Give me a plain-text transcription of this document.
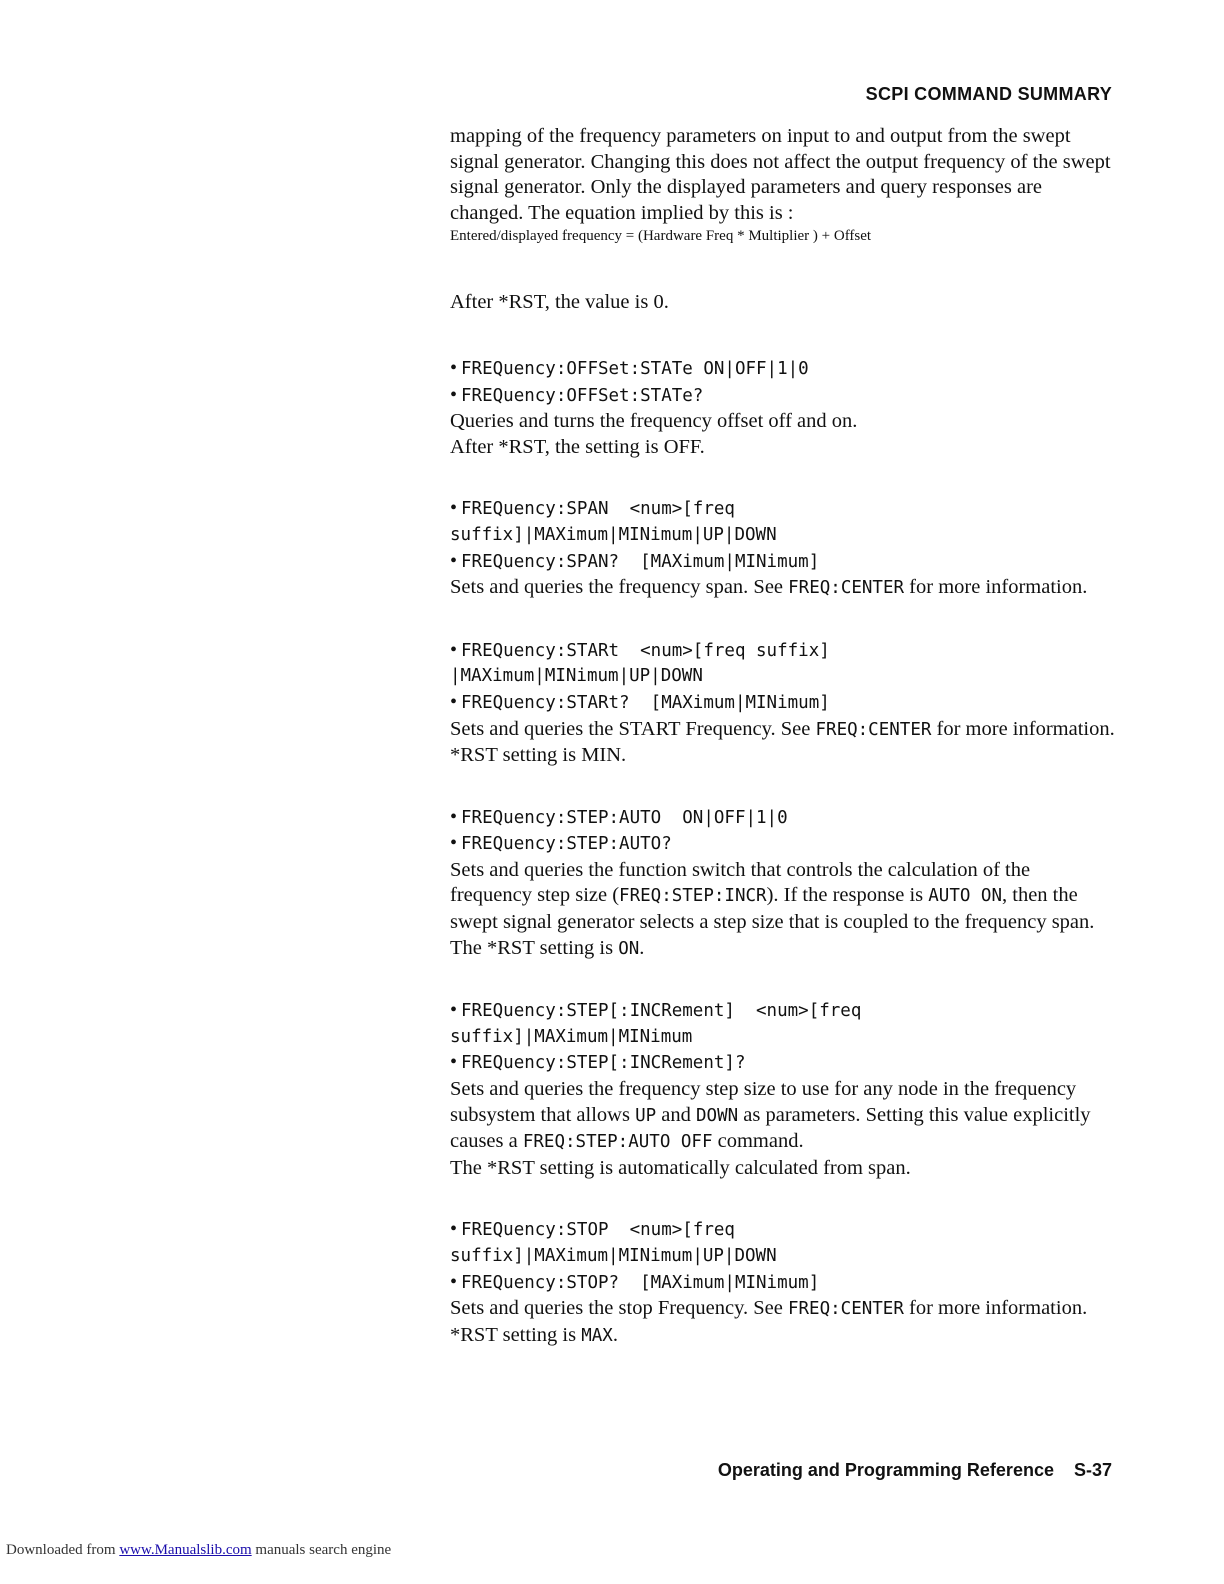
SCPI COMMAND SUMMARY

mapping of the frequency parameters on input to and output from the swept signal generator. Changing this does not affect the output frequency of the swept signal generator. Only the displayed parameters and query responses are changed. The equation implied by this is :

Entered/displayed frequency = (Hardware Freq * Multiplier ) + Offset

After *RST, the value is 0.

• FREQuency:OFFSet:STATe ON|OFF|1|0
• FREQuency:OFFSet:STATe?

Queries and turns the frequency offset off and on.

After *RST, the setting is OFF.

• FREQuency:SPAN  <num>[freq
suffix]|MAXimum|MINimum|UP|DOWN
• FREQuency:SPAN?  [MAXimum|MINimum]

Sets and queries the frequency span. See FREQ:CENTER for more information.

• FREQuency:STARt  <num>[freq suffix]
|MAXimum|MINimum|UP|DOWN
• FREQuency:STARt?  [MAXimum|MINimum]

Sets and queries the START Frequency. See FREQ:CENTER for more information. *RST setting is MIN.

• FREQuency:STEP:AUTO  ON|OFF|1|0
• FREQuency:STEP:AUTO?

Sets and queries the function switch that controls the calculation of the frequency step size (FREQ:STEP:INCR). If the response is AUTO ON, then the swept signal generator selects a step size that is coupled to the frequency span. The *RST setting is ON.

• FREQuency:STEP[:INCRement]  <num>[freq
suffix]|MAXimum|MINimum
• FREQuency:STEP[:INCRement]?

Sets and queries the frequency step size to use for any node in the frequency subsystem that allows UP and DOWN as parameters. Setting this value explicitly causes a FREQ:STEP:AUTO OFF command.

The *RST setting is automatically calculated from span.

• FREQuency:STOP  <num>[freq
suffix]|MAXimum|MINimum|UP|DOWN
• FREQuency:STOP?  [MAXimum|MINimum]

Sets and queries the stop Frequency. See FREQ:CENTER for more information. *RST setting is MAX.

Operating and Programming Reference S-37
Downloaded from www.Manualslib.com manuals search engine
